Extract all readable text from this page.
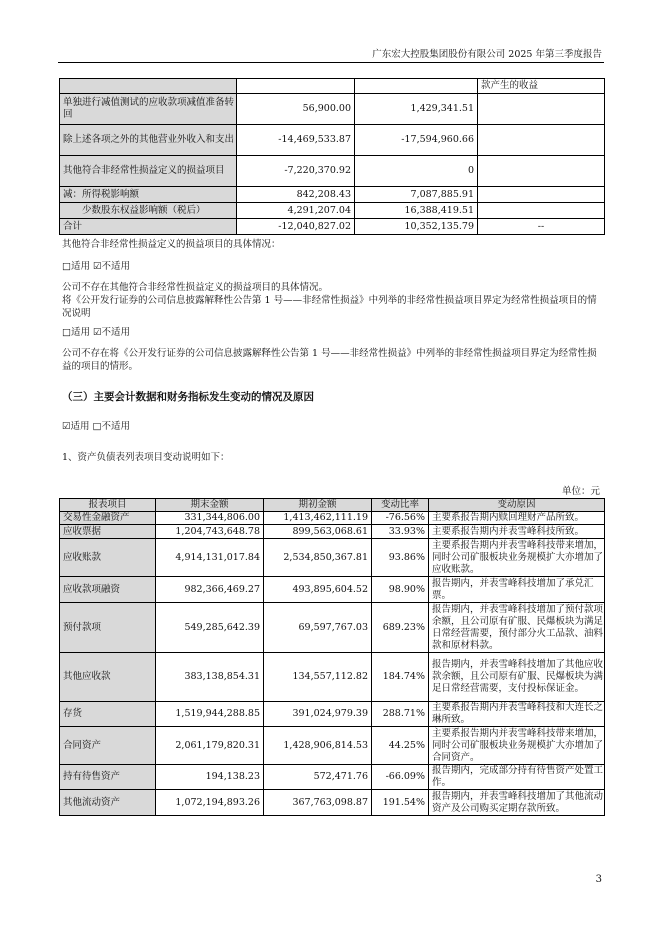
广东宏大控股集团股份有限公司 2025 年第三季度报告
			款产生的收益
单独进行减值测试的应收款项减值准备转回	56,900.00	1,429,341.51	
除上述各项之外的其他营业外收入和支出	-14,469,533.87	-17,594,960.66	
其他符合非经常性损益定义的损益项目	-7,220,370.92	0	
减：所得税影响额	842,208.43	7,087,885.91	
少数股东权益影响额（税后）	4,291,207.04	16,388,419.51	
合计	-12,040,827.02	10,352,135.79	--
其他符合非经常性损益定义的损益项目的具体情况：
□适用 ☑不适用
公司不存在其他符合非经常性损益定义的损益项目的具体情况。
将《公开发行证券的公司信息披露解释性公告第 1 号——非经常性损益》中列举的非经常性损益项目界定为经常性损益项目的情况说明
□适用 ☑不适用
公司不存在将《公开发行证券的公司信息披露解释性公告第 1 号——非经常性损益》中列举的非经常性损益项目界定为经常性损益的项目的情形。
（三）主要会计数据和财务指标发生变动的情况及原因
☑适用 □不适用
1、资产负债表列表项目变动说明如下：
单位：元
报表项目	期末金额	期初金额	变动比率	变动原因
交易性金融资产	331,344,806.00	1,413,462,111.19	-76.56%	主要系报告期内赎回理财产品所致。
应收票据	1,204,743,648.78	899,563,068.61	33.93%	主要系报告期内并表雪峰科技所致。
应收账款	4,914,131,017.84	2,534,850,367.81	93.86%	主要系报告期内并表雪峰科技带来增加，同时公司矿服板块业务规模扩大亦增加了应收账款。
应收款项融资	982,366,469.27	493,895,604.52	98.90%	报告期内，并表雪峰科技增加了承兑汇票。
预付款项	549,285,642.39	69,597,767.03	689.23%	报告期内，并表雪峰科技增加了预付款项余额，且公司原有矿服、民爆板块为满足日常经营需要，预付部分火工品款、油料款和原材料款。
其他应收款	383,138,854.31	134,557,112.82	184.74%	报告期内，并表雪峰科技增加了其他应收款余额，且公司原有矿服、民爆板块为满足日常经营需要，支付投标保证金。
存货	1,519,944,288.85	391,024,979.39	288.71%	主要系报告期内并表雪峰科技和大连长之琳所致。
合同资产	2,061,179,820.31	1,428,906,814.53	44.25%	主要系报告期内并表雪峰科技带来增加，同时公司矿服板块业务规模扩大亦增加了合同资产。
持有待售资产	194,138.23	572,471.76	-66.09%	报告期内，完成部分持有待售资产处置工作。
其他流动资产	1,072,194,893.26	367,763,098.87	191.54%	报告期内，并表雪峰科技增加了其他流动资产及公司购买定期存款所致。
3
